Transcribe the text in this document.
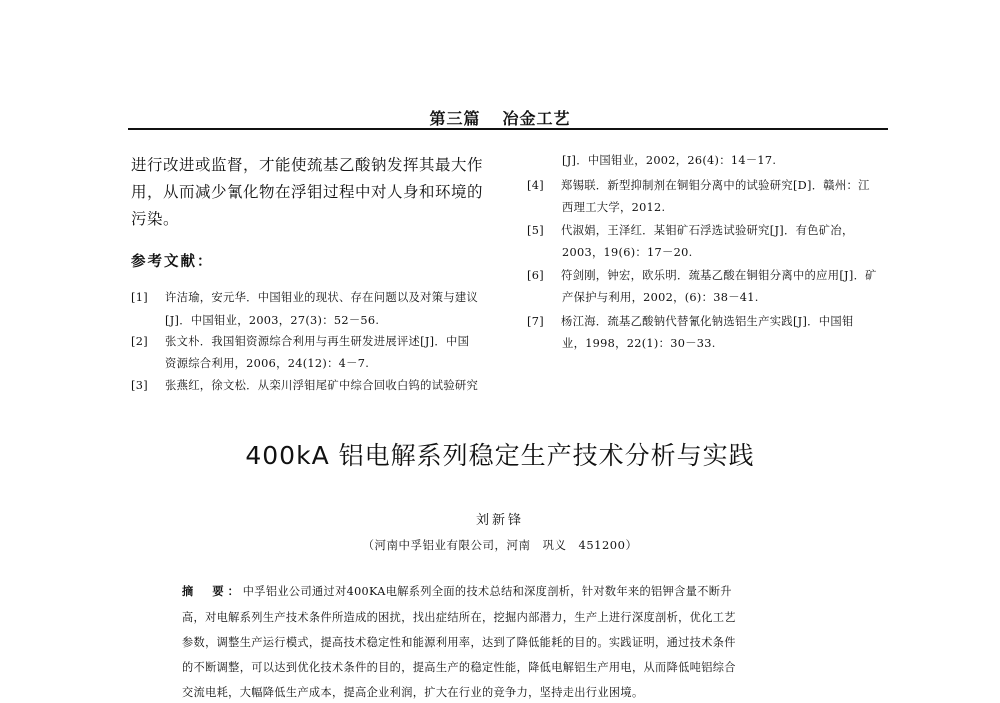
第三篇 冶金工艺
进行改进或监督，才能使巯基乙酸钠发挥其最大作
用，从而减少氰化物在浮钼过程中对人身和环境的
污染。
参考文献：
[1] 许洁瑜，安元华．中国钼业的现状、存在问题以及对策与建议
[J]．中国钼业，2003，27(3)：52－56.
[2] 张文朴．我国钼资源综合利用与再生研发进展评述[J]．中国
资源综合利用，2006，24(12)：4－7.
[3] 张燕红，徐文松．从栾川浮钼尾矿中综合回收白钨的试验研究
[J]．中国钼业，2002，26(4)：14－17.
[4] 郑锡联．新型抑制剂在铜钼分离中的试验研究[D]．赣州：江
西理工大学，2012.
[5] 代淑娟，王泽红．某钼矿石浮选试验研究[J]．有色矿冶，
2003，19(6)：17－20.
[6] 符剑刚，钟宏，欧乐明．巯基乙酸在铜钼分离中的应用[J]．矿
产保护与利用，2002，(6)：38－41.
[7] 杨江海．巯基乙酸钠代替氰化钠选铝生产实践[J]．中国钼
业，1998，22(1)：30－33.
400kA 铝电解系列稳定生产技术分析与实践
刘新锋
（河南中孚铝业有限公司，河南　巩义　451200）
摘　要：中孚铝业公司通过对400KA电解系列全面的技术总结和深度剖析，针对数年来的铝钾含量不断升
高，对电解系列生产技术条件所造成的困扰，找出症结所在，挖掘内部潜力，生产上进行深度剖析，优化工艺
参数，调整生产运行模式，提高技术稳定性和能源利用率，达到了降低能耗的目的。实践证明，通过技术条件
的不断调整，可以达到优化技术条件的目的，提高生产的稳定性能，降低电解铝生产用电，从而降低吨铝综合
交流电耗，大幅降低生产成本，提高企业利润，扩大在行业的竞争力，坚持走出行业困境。
